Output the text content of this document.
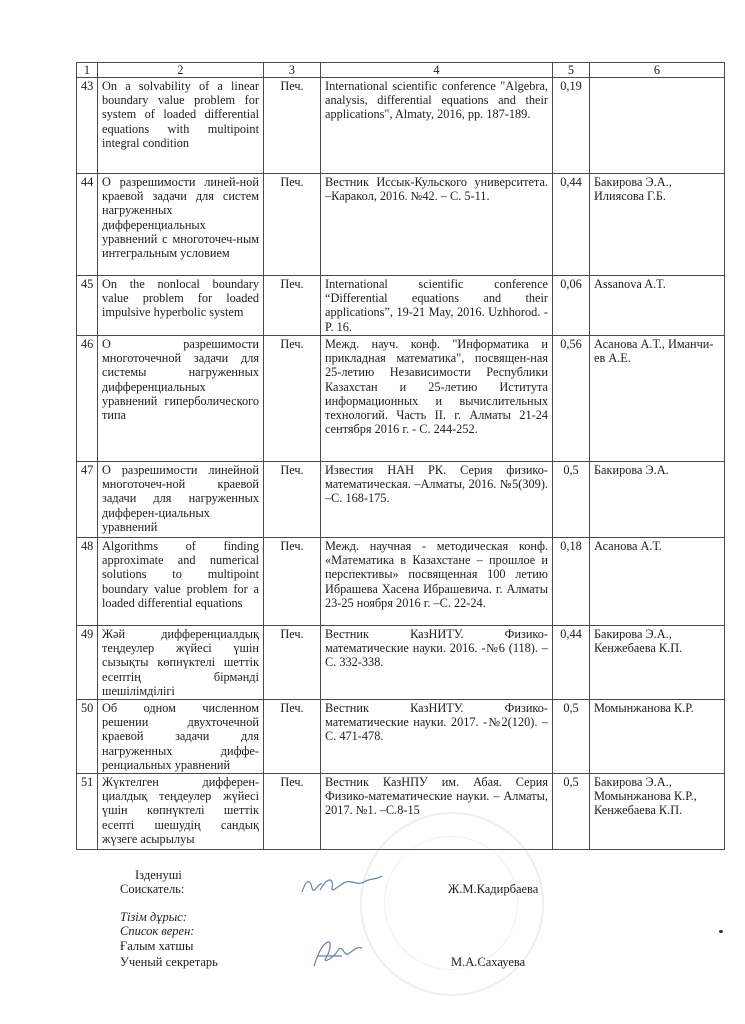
1	2	3	4	5	6
43	On a solvability of a linear boundary value problem for system of loaded differential equations with multipoint integral condition	Печ.	International scientific conference "Algebra, analysis, differential equations and their applications", Almaty, 2016, pp. 187-189.	0,19	
44	О разрешимости линей-ной краевой задачи для систем нагруженных дифференциальных уравнений с многоточеч-ным интегральным условием	Печ.	Вестник Иссык-Кульского университета. –Каракол, 2016. №42. – С. 5-11.	0,44	Бакирова Э.А., Илиясова Г.Б.
45	On the nonlocal boundary value problem for loaded impulsive hyperbolic system	Печ.	International scientific conference “Differential equations and their applications”, 19-21 May, 2016. Uzhhorod. -P. 16.	0,06	Assanova A.T.
46	О разрешимости многоточечной задачи для системы нагруженных дифференциальных уравнений гиперболического типа	Печ.	Межд. науч. конф. "Информатика и прикладная математика", посвящен-ная 25-летию Независимости Республики Казахстан и 25-летию Иститута информационных и вычислительных технологий. Часть II. г. Алматы 21-24 сентября 2016 г. - С. 244-252.	0,56	Асанова А.Т., Иманчи-ев А.Е.
47	О разрешимости линейной многоточеч-ной краевой задачи для нагруженных дифферен-циальных уравнений	Печ.	Известия НАН РК. Серия физико-математическая. –Алматы, 2016. №5(309). –С. 168-175.	0,5	Бакирова Э.А.
48	Algorithms of finding approximate and numerical solutions to multipoint boundary value problem for a loaded differential equations	Печ.	Межд. научная - методическая конф. «Математика в Казахстане – прошлое и перспективы» посвященная 100 летию Ибрашева Хасена Ибрашевича. г. Алматы 23-25 ноября 2016 г. –С. 22-24.	0,18	Асанова А.Т.
49	Жәй дифференциалдық теңдеулер жүйесі үшін сызықты көпнүктелі шеттік есептің бірмәнді шешілімділігі	Печ.	Вестник КазНИТУ. Физико-математические науки. 2016. -№6 (118). – С. 332-338.	0,44	Бакирова Э.А., Кенжебаева К.П.
50	Об одном численном решении двухточечной краевой задачи для нагруженных диффе-ренциальных уравнений	Печ.	Вестник КазНИТУ. Физико-математические науки. 2017. -№2(120). – С. 471-478.	0,5	Момынжанова К.Р.
51	Жүктелген дифферен-циалдық теңдеулер жүйесі үшін көпнүктелі шеттік есепті шешудің сандық жүзеге асырылуы	Печ.	Вестник КазНПУ им. Абая. Серия Физико-математические науки. – Алматы, 2017. №1. –С.8-15	0,5	Бакирова Э.А., Момынжанова К.Р., Кенжебаева К.П.
Ізденуші
Соискатель:	Ж.М.Кадирбаева
Тізім дұрыс:
Список верен:
Ғалым хатшы
Ученый секретарь	М.А.Сахауева
